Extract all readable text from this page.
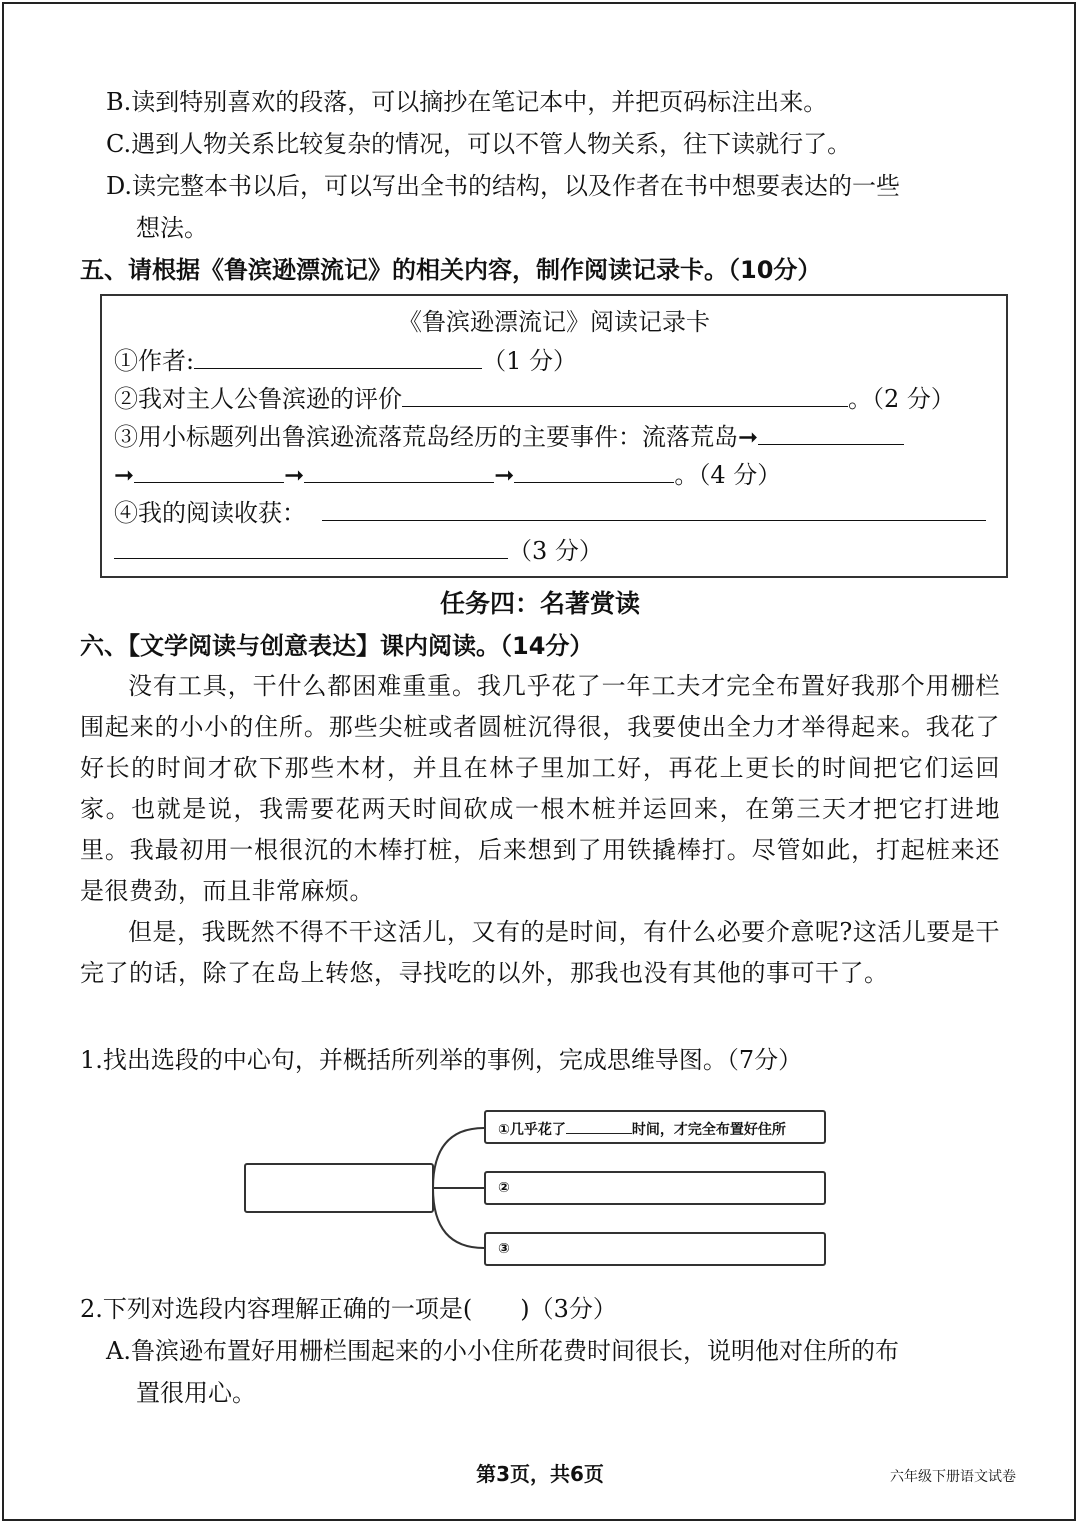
B.读到特别喜欢的段落，可以摘抄在笔记本中，并把页码标注出来。
C.遇到人物关系比较复杂的情况，可以不管人物关系，往下读就行了。
D.读完整本书以后，可以写出全书的结构，以及作者在书中想要表达的一些
想法。
五、请根据《鲁滨逊漂流记》的相关内容，制作阅读记录卡。（10分）
《鲁滨逊漂流记》阅读记录卡
①作者:	（1 分）
②我对主人公鲁滨逊的评价	。（2 分）
③用小标题列出鲁滨逊流落荒岛经历的主要事件：流落荒岛➞
➞	➞	➞	。（4 分）
④我的阅读收获：
（3 分）
任务四：名著赏读
六、【文学阅读与创意表达】课内阅读。（14分）

没有工具，干什么都困难重重。我几乎花了一年工夫才完全布置好我那个用栅栏围起来的小小的住所。那些尖桩或者圆桩沉得很，我要使出全力才举得起来。我花了好长的时间才砍下那些木材，并且在林子里加工好，再花上更长的时间把它们运回家。也就是说，我需要花两天时间砍成一根木桩并运回来，在第三天才把它打进地里。我最初用一根很沉的木棒打桩，后来想到了用铁撬棒打。尽管如此，打起桩来还是很费劲，而且非常麻烦。

但是，我既然不得不干这活儿，又有的是时间，有什么必要介意呢?这活儿要是干完了的话，除了在岛上转悠，寻找吃的以外，那我也没有其他的事可干了。

1.找出选段的中心句，并概括所列举的事例，完成思维导图。（7分）
①几乎花了	时间，才完全布置好住所
②
③
2.下列对选段内容理解正确的一项是(　　)（3分）
A.鲁滨逊布置好用栅栏围起来的小小住所花费时间很长，说明他对住所的布
置很用心。
第3页，共6页	六年级下册语文试卷
